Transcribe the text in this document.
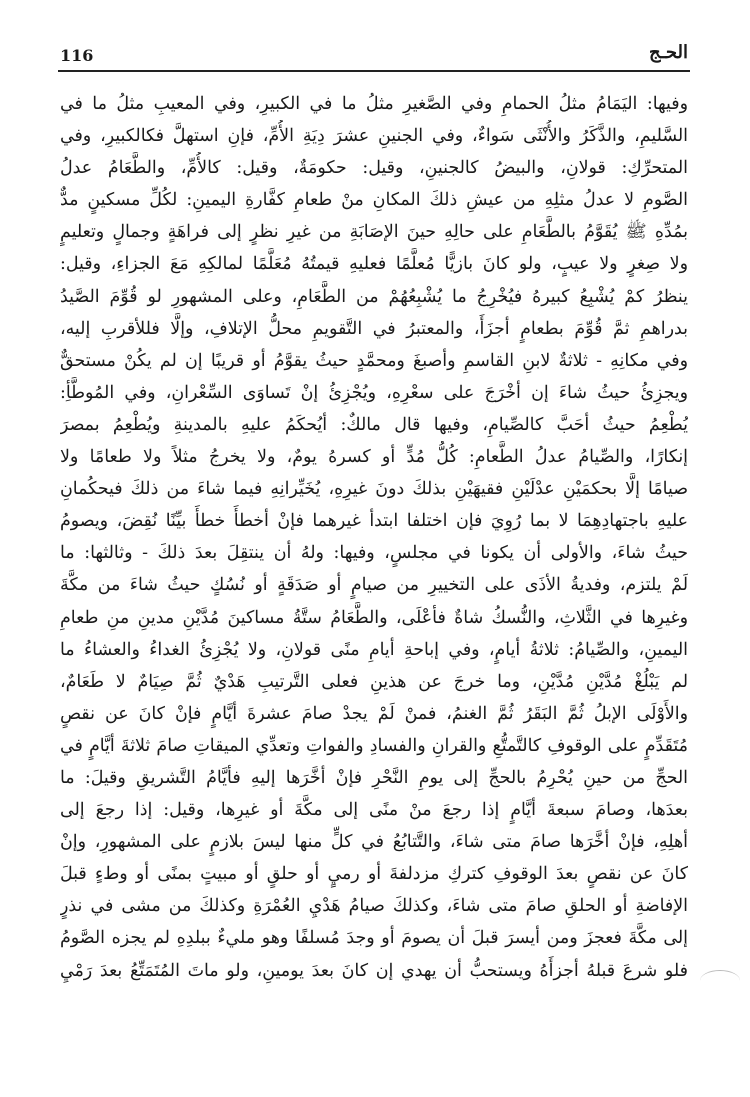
116	الحـج
وفيها: اليَمَامُ مثلُ الحمامِ وفي الصَّغيرِ مثلُ ما في الكبيرِ، وفي المعيبِ مثلُ ما في
السَّليمِ، والذَّكَرُ والأُنْثَى سَواءٌ، وفي الجنينِ عشرَ دِيَةِ الأُمِّ، فإنِ استهلَّ فكالكبيرِ، وفي
المتحرِّكِ: قولانِ، والبيضُ كالجنينِ، وقيل: حكومَةٌ، وقيل: كالأُمِّ، والطَّعَامُ عدلُ
الصَّومِ لا عدلُ مثلِهِ من عيشِ ذلكَ المكانِ منْ طعامِ كفَّارةِ اليمينِ: لكُلِّ مسكينٍ مدٌّ
بمُدِّهِ ﷺ يُقَوَّمُ بالطَّعَامِ على حالِهِ حينَ الإصَابَةِ من غيرِ نظرٍ إلى فراهَةٍ وجمالٍ وتعليمٍ
ولا صِغرٍ ولا عيبٍ، ولو كانَ بازيًّا مُعلَّمًا فعليهِ قيمتُهُ مُعَلَّمًا لمالكِهِ مَعَ الجزاءِ، وقيل:
ينظرُ كمْ يُشْبِعُ كبيرهُ فيُخْرِجُ ما يُشْبِعُهُمْ من الطَّعَامِ، وعلى المشهورِ لو قُوِّمَ الصَّيدُ
بدراهمِ ثمَّ قُوِّمَ بطعامٍ أجزَأَ، والمعتبرُ في التَّقويمِ محلُّ الإتلافِ، وإلَّا فللأقربِ إليه،
وفي مكانِهِ - ثلاثةٌ لابنِ القاسمِ وأصبغَ ومحمَّدٍ حيثُ يقوَّمُ أو قريبًا إن لم يكُنْ مستحقٌّ
ويجزِئُ حيثُ شاءَ إن أخْرَجَ على سعْرِهِ، ويُجْزِئُ إنْ تَساوَى السِّعْرانِ، وفي المُوطَّأِ:
يُطْعِمُ حيثُ أحَبَّ كالصِّيامِ، وفيها قال مالكٌ: أيُحكَمُ عليهِ بالمدينةِ ويُطْعِمُ بمصرَ
إنكارًا، والصِّيامُ عدلُ الطَّعامِ: كُلُّ مُدٍّ أو كسرهُ يومٌ، ولا يخرجُ مثلاً ولا طعامًا ولا
صيامًا إلَّا بحكمَيْنِ عدْلَيْنِ فقيهَيْنِ بذلكَ دونَ غيرِهِ، يُخَيِّرانِهِ فيما شاءَ من ذلكَ فيحكُمانِ
عليهِ باجتهادِهِمَا لا بما رُوِيَ فإن اختلفا ابتدأ غيرهما فإنْ أخطأَ خطأً بيِّنًا نُقِضَ، ويصومُ
حيثُ شاءَ، والأولى أن يكونا في مجلسٍ، وفيها: ولهُ أن ينتقِلَ بعدَ ذلكَ - وثالثها: ما
لَمْ يلتزم، وفديةُ الأذَى على التخييرِ من صيامٍ أو صَدَقَةٍ أو نُسُكٍ حيثُ شاءَ من مكَّةَ
وغيرِها في الثَّلاثِ، والنُّسكُ شاةٌ فأعْلَى، والطَّعَامُ ستَّةُ مساكينَ مُدَّيْنِ مدينِ منِ طعامِ
اليمينِ، والصِّيامُ: ثلاثةُ أيامٍ، وفي إباحةِ أيامِ منًى قولانِ، ولا يُجْزِئُ الغداءُ والعشاءُ ما
لم يَبْلُغْ مُدَّيْنِ مُدَّيْنِ، وما خرجَ عن هذينِ فعلى التَّرتيبِ هَدْيٌ ثُمَّ صِيَامٌ لا طَعَامٌ،
والأَوْلَى الإبلُ ثُمَّ البَقَرُ ثُمَّ الغنمُ، فمنْ لَمْ يجدْ صامَ عشرةَ أيَّامٍ فإنْ كانَ عن نقصٍ
مُتَقَدِّمٍ على الوقوفِ كالتَّمتُّعِ والقرانِ والفسادِ والفواتِ وتعدِّي الميقاتِ صامَ ثلاثةَ أيَّامٍ في
الحجِّ من حينِ يُحْرِمُ بالحجِّ إلى يومِ النَّحْرِ فإنْ أخَّرَها إليهِ فأيَّامُ التَّشريقِ وقيلَ: ما
بعدَها، وصامَ سبعةَ أيَّامٍ إذا رجعَ منْ منًى إلى مكَّةَ أو غيرِها، وقيل: إذا رجعَ إلى
أهلِهِ، فإنْ أخَّرَها صامَ متى شاءَ، والتَّتابُعُ في كلٍّ منها ليسَ بلازمٍ على المشهورِ، وإنْ
كانَ عن نقصٍ بعدَ الوقوفِ كتركِ مزدلفةَ أو رميٍ أو حلقٍ أو مبيتٍ بمنًى أو وطءٍ قبلَ
الإفاضةِ أو الحلقِ صامَ متى شاءَ، وكذلكَ صيامُ هَدْيِ العُمْرَةِ وكذلكَ من مشى في نذرٍ
إلى مكَّةَ فعجزَ ومن أيسرَ قبلَ أن يصومَ أو وجدَ مُسلفًا وهو مليءٌ ببلدِهِ لم يجزه الصَّومُ
فلو شرعَ قبلهُ أجزأَهُ ويستحبُّ أن يهدي إن كانَ بعدَ يومينِ، ولو ماتَ المُتَمَتِّعُ بعدَ رَمْيِ
